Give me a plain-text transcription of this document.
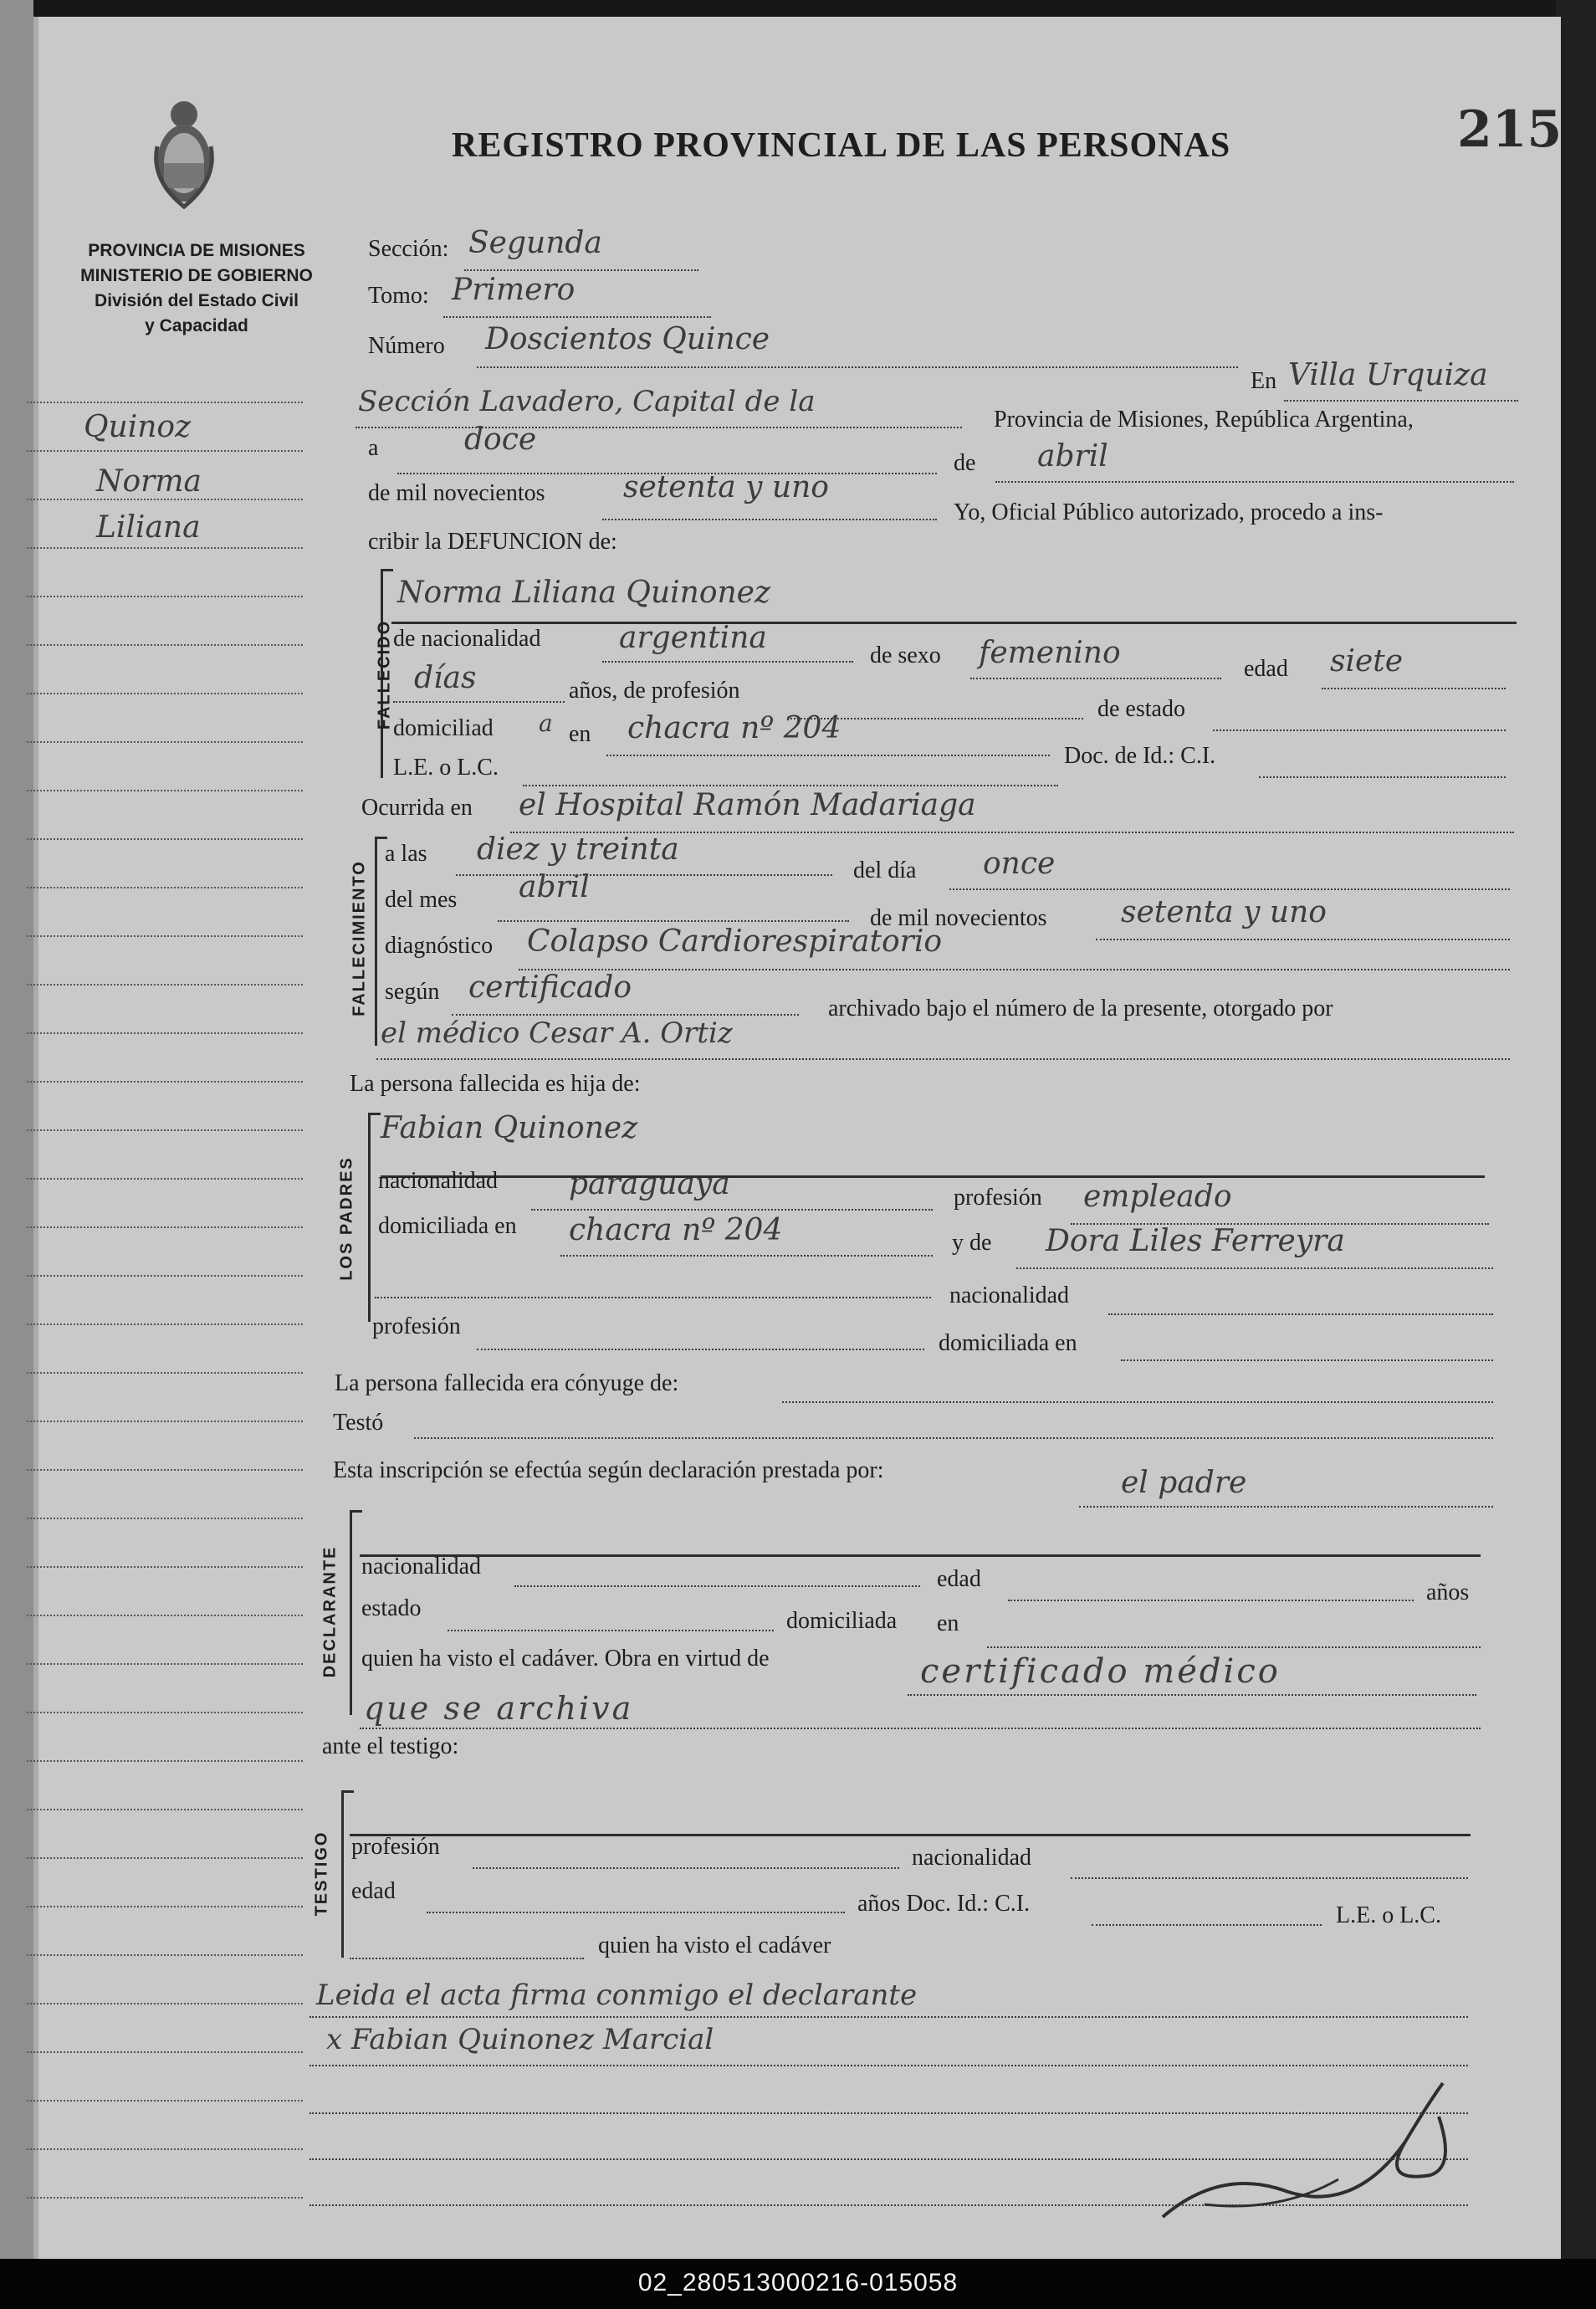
215
REGISTRO PROVINCIAL DE LAS PERSONAS
PROVINCIA DE MISIONES
MINISTERIO DE GOBIERNO
División del Estado Civil
y Capacidad
Quinoz
Norma
Liliana
Sección: Segunda
Tomo: Primero
Número Doscientos Quince
En Villa Urquiza
Sección Lavadero, Capital de la
Provincia de Misiones, República Argentina,
a	doce
de abril
de mil novecientos	setenta y uno
Yo, Oficial Público autorizado, procedo a ins-
cribir la DEFUNCION de:
FALLECIDO
Norma Liliana Quinonez
de nacionalidad	argentina
de sexo femenino	edad siete
días	años, de profesión
de estado
domiciliad a en chacra nº 204
Doc. de Id.: C.I.
L.E. o L.C.
Ocurrida en el Hospital Ramón Madariaga
FALLECIMIENTO
a las diez y treinta
del día once
del mes abril
de mil novecientos setenta y uno
diagnóstico Colapso Cardiorespiratorio
según certificado
archivado bajo el número de la presente, otorgado por
el médico Cesar A. Ortiz
La persona fallecida es hija de:
LOS PADRES
Fabian Quinonez
nacionalidad paraguaya	profesión empleado
domiciliada en chacra nº 204	y de Dora Liles Ferreyra
nacionalidad
profesión
domiciliada en
La persona fallecida era cónyuge de:
Testó
Esta inscripción se efectúa según declaración prestada por:	el padre
DECLARANTE nacionalidad	edad
años
estado	domiciliada en
quien ha visto el cadáver. Obra en virtud de	certificado médico
que se archiva
ante el testigo:
TESTIGO profesión	nacionalidad
edad	años Doc. Id.: C.I.	L.E. o L.C.
quien ha visto el cadáver
Leida el acta firma conmigo el declarante
x Fabian Quinonez Marcial
02_280513000216-015058
